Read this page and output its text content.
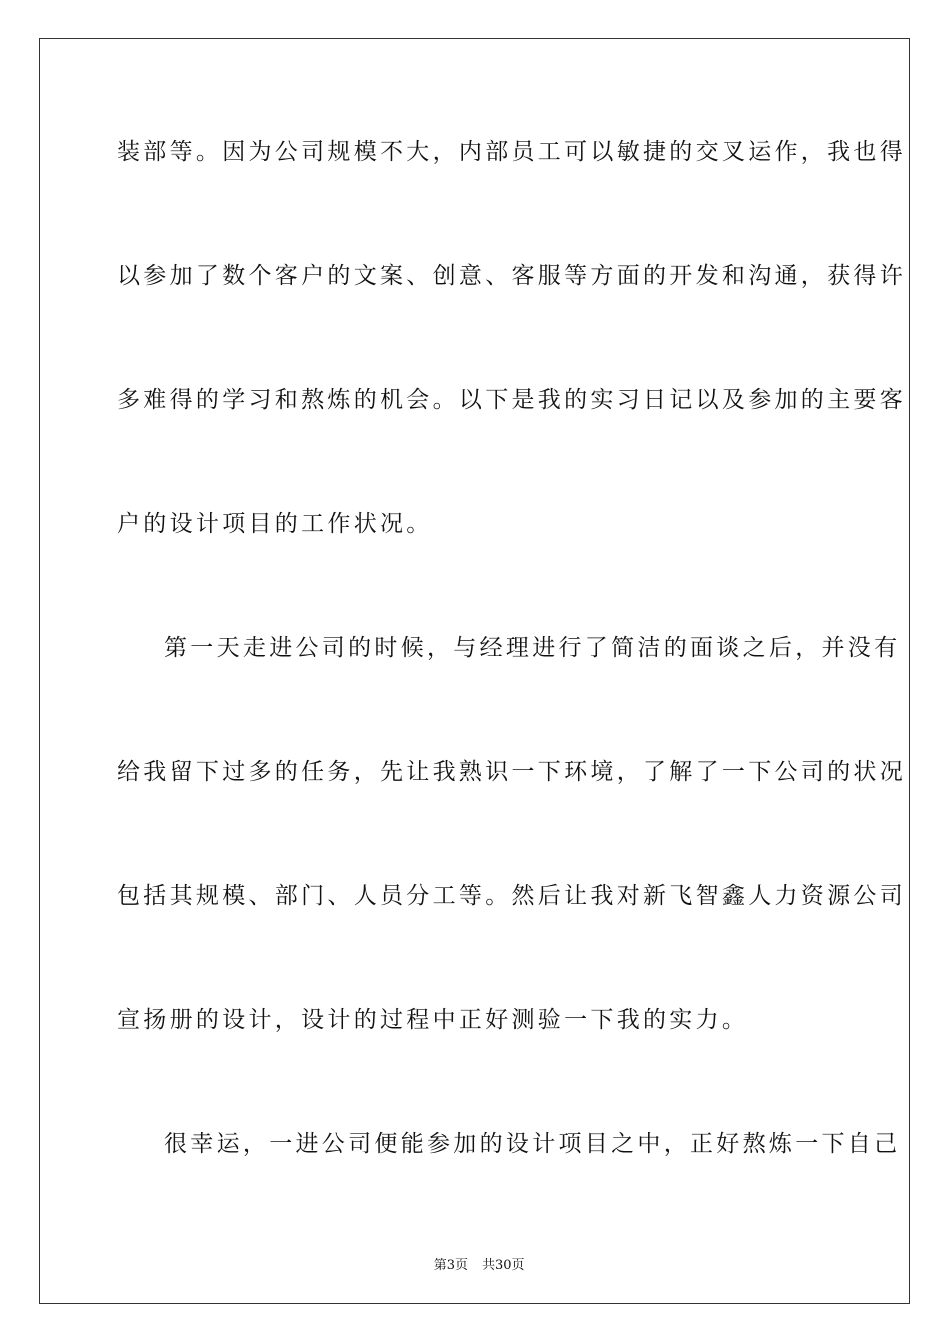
装部等。因为公司规模不大，内部员工可以敏捷的交叉运作，我也得
以参加了数个客户的文案、创意、客服等方面的开发和沟通，获得许
多难得的学习和熬炼的机会。以下是我的实习日记以及参加的主要客
户的设计项目的工作状况。
第一天走进公司的时候，与经理进行了简洁的面谈之后，并没有
给我留下过多的任务，先让我熟识一下环境，了解了一下公司的状况
包括其规模、部门、人员分工等。然后让我对新飞智鑫人力资源公司
宣扬册的设计，设计的过程中正好测验一下我的实力。
很幸运，一进公司便能参加的设计项目之中，正好熬炼一下自己

第3页 共30页
